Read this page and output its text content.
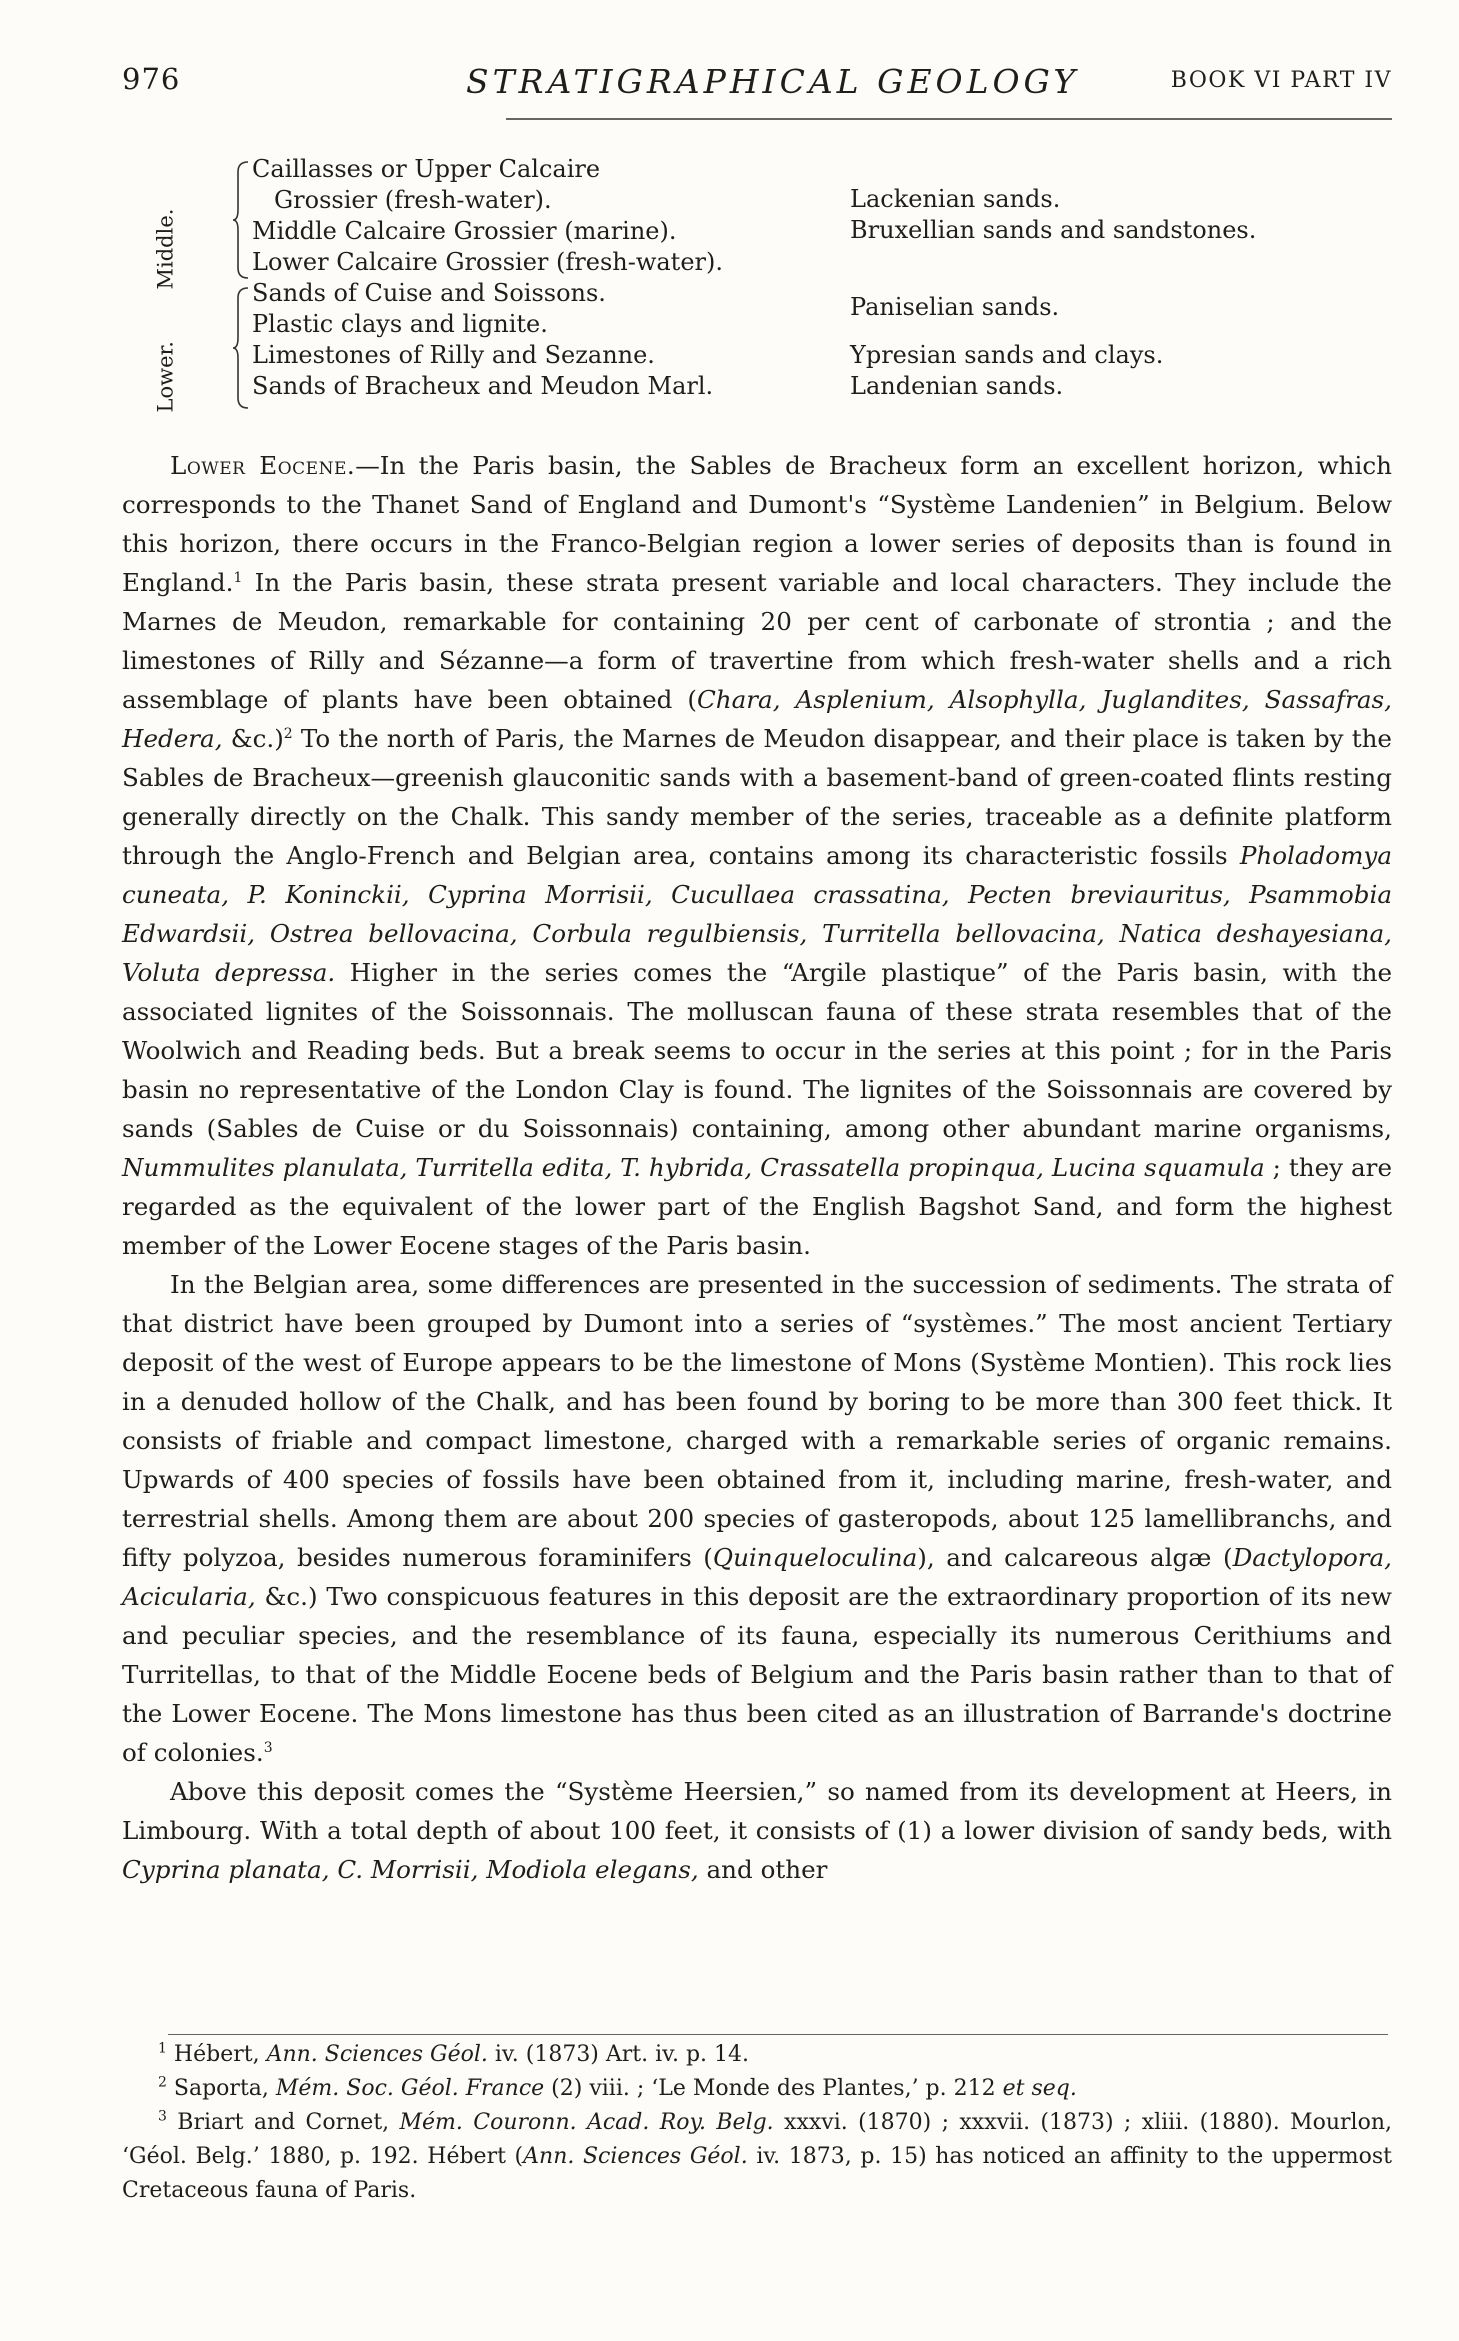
976	STRATIGRAPHICAL GEOLOGY	BOOK VI PART IV
Middle.
Lower.
Caillasses or Upper Calcaire
Grossier (fresh-water).
Middle Calcaire Grossier (marine).
Lower Calcaire Grossier (fresh-water).
Sands of Cuise and Soissons.
Plastic clays and lignite.
Limestones of Rilly and Sezanne.
Sands of Bracheux and Meudon Marl.
Lackenian sands.
Bruxellian sands and sandstones.
Paniselian sands.
Ypresian sands and clays.
Landenian sands.

Lower Eocene.—In the Paris basin, the Sables de Bracheux form an excellent horizon, which corresponds to the Thanet Sand of England and Dumont's “Système Landenien” in Belgium. Below this horizon, there occurs in the Franco-Belgian region a lower series of deposits than is found in England.$^1$ In the Paris basin, these strata present variable and local characters. They include the Marnes de Meudon, remarkable for containing 20 per cent of carbonate of strontia ; and the limestones of Rilly and Sézanne—a form of travertine from which fresh-water shells and a rich assemblage of plants have been obtained (Chara, Asplenium, Alsophylla, Juglandites, Sassafras, Hedera, &c.)$^2$ To the north of Paris, the Marnes de Meudon disappear, and their place is taken by the Sables de Bracheux—greenish glauconitic sands with a basement-band of green-coated flints resting generally directly on the Chalk. This sandy member of the series, traceable as a definite platform through the Anglo-French and Belgian area, contains among its characteristic fossils Pholadomya cuneata, P. Koninckii, Cyprina Morrisii, Cucullaea crassatina, Pecten breviauritus, Psammobia Edwardsii, Ostrea bellovacina, Corbula regulbiensis, Turritella bellovacina, Natica deshayesiana, Voluta depressa. Higher in the series comes the “Argile plastique” of the Paris basin, with the associated lignites of the Soissonnais. The molluscan fauna of these strata resembles that of the Woolwich and Reading beds. But a break seems to occur in the series at this point ; for in the Paris basin no representative of the London Clay is found. The lignites of the Soissonnais are covered by sands (Sables de Cuise or du Soissonnais) containing, among other abundant marine organisms, Nummulites planulata, Turritella edita, T. hybrida, Crassatella propinqua, Lucina squamula ; they are regarded as the equivalent of the lower part of the English Bagshot Sand, and form the highest member of the Lower Eocene stages of the Paris basin.

In the Belgian area, some differences are presented in the succession of sediments. The strata of that district have been grouped by Dumont into a series of “systèmes.” The most ancient Tertiary deposit of the west of Europe appears to be the limestone of Mons (Système Montien). This rock lies in a denuded hollow of the Chalk, and has been found by boring to be more than 300 feet thick. It consists of friable and compact limestone, charged with a remarkable series of organic remains. Upwards of 400 species of fossils have been obtained from it, including marine, fresh-water, and terrestrial shells. Among them are about 200 species of gasteropods, about 125 lamellibranchs, and fifty polyzoa, besides numerous foraminifers (Quinqueloculina), and calcareous algæ (Dactylopora, Acicularia, &c.) Two conspicuous features in this deposit are the extraordinary proportion of its new and peculiar species, and the resemblance of its fauna, especially its numerous Cerithiums and Turritellas, to that of the Middle Eocene beds of Belgium and the Paris basin rather than to that of the Lower Eocene. The Mons limestone has thus been cited as an illustration of Barrande's doctrine of colonies.$^3$

Above this deposit comes the “Système Heersien,” so named from its development at Heers, in Limbourg. With a total depth of about 100 feet, it consists of (1) a lower division of sandy beds, with Cyprina planata, C. Morrisii, Modiola elegans, and other

$^1$ Hébert, Ann. Sciences Géol. iv. (1873) Art. iv. p. 14.

$^2$ Saporta, Mém. Soc. Géol. France (2) viii. ; ‘Le Monde des Plantes,’ p. 212 et seq.

$^3$ Briart and Cornet, Mém. Couronn. Acad. Roy. Belg. xxxvi. (1870) ; xxxvii. (1873) ; xliii. (1880). Mourlon, ‘Géol. Belg.’ 1880, p. 192. Hébert (Ann. Sciences Géol. iv. 1873, p. 15) has noticed an affinity to the uppermost Cretaceous fauna of Paris.
